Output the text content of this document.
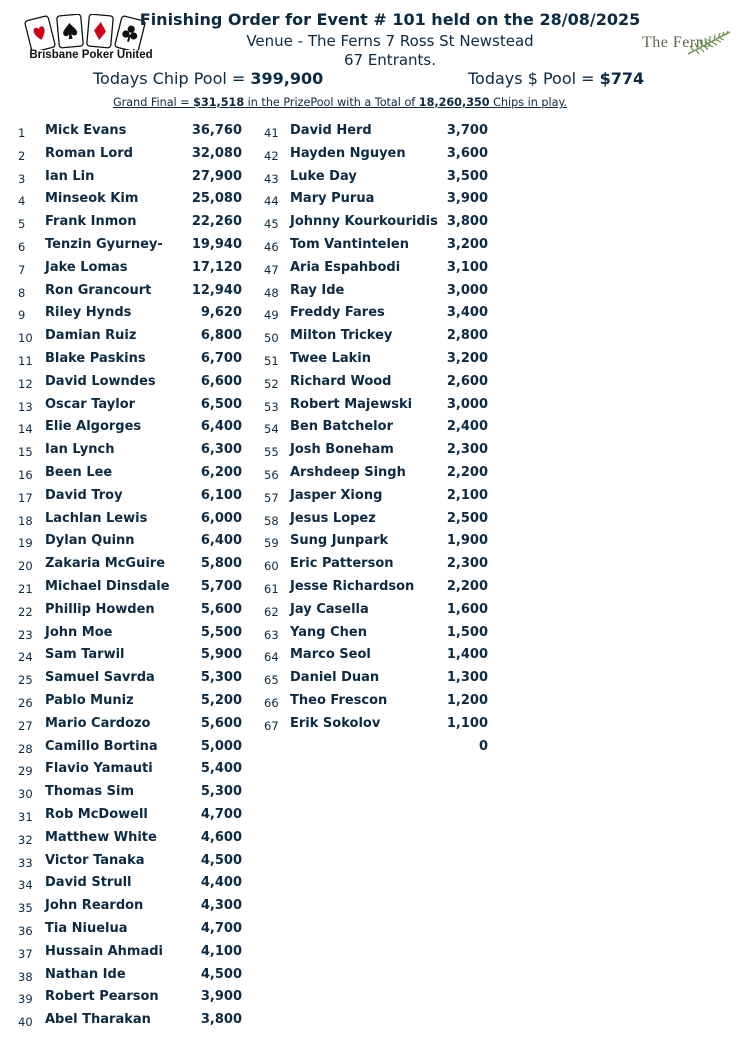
Brisbane Poker United
The Ferns
Finishing Order for Event # 101 held on the 28/08/2025
Venue - The Ferns 7 Ross St Newstead
67 Entrants.
Todays Chip Pool = 399,900	Todays $ Pool = $774
Grand Final = $31,518 in the PrizePool with a Total of 18,260,350 Chips in play.
1 Mick Evans	36,760
2 Roman Lord	32,080
3 Ian Lin	27,900
4 Minseok Kim	25,080
5 Frank Inmon	22,260
6 Tenzin Gyurney-	19,940
7 Jake Lomas	17,120
8 Ron Grancourt	12,940
9 Riley Hynds	9,620
10 Damian Ruiz	6,800
11 Blake Paskins	6,700
12 David Lowndes	6,600
13 Oscar Taylor	6,500
14 Elie Algorges	6,400
15 Ian Lynch	6,300
16 Been Lee	6,200
17 David Troy	6,100
18 Lachlan Lewis	6,000
19 Dylan Quinn	6,400
20 Zakaria McGuire	5,800
21 Michael Dinsdale	5,700
22 Phillip Howden	5,600
23 John Moe	5,500
24 Sam Tarwil	5,900
25 Samuel Savrda	5,300
26 Pablo Muniz	5,200
27 Mario Cardozo	5,600
28 Camillo Bortina	5,000
29 Flavio Yamauti	5,400
30 Thomas Sim	5,300
31 Rob McDowell	4,700
32 Matthew White	4,600
33 Victor Tanaka	4,500
34 David Strull	4,400
35 John Reardon	4,300
36 Tia Niuelua	4,700
37 Hussain Ahmadi	4,100
38 Nathan Ide	4,500
39 Robert Pearson	3,900
40 Abel Tharakan	3,800
41 David Herd	3,700
42 Hayden Nguyen	3,600
43 Luke Day	3,500
44 Mary Purua	3,900
45 Johnny Kourkouridis 3,800
46 Tom Vantintelen	3,200
47 Aria Espahbodi	3,100
48 Ray Ide	3,000
49 Freddy Fares	3,400
50 Milton Trickey	2,800
51 Twee Lakin	3,200
52 Richard Wood	2,600
53 Robert Majewski	3,000
54 Ben Batchelor	2,400
55 Josh Boneham	2,300
56 Arshdeep Singh	2,200
57 Jasper Xiong	2,100
58 Jesus Lopez	2,500
59 Sung Junpark	1,900
60 Eric Patterson	2,300
61 Jesse Richardson	2,200
62 Jay Casella	1,600
63 Yang Chen	1,500
64 Marco Seol	1,400
65 Daniel Duan	1,300
66 Theo Frescon	1,200
67 Erik Sokolov	1,100
0
